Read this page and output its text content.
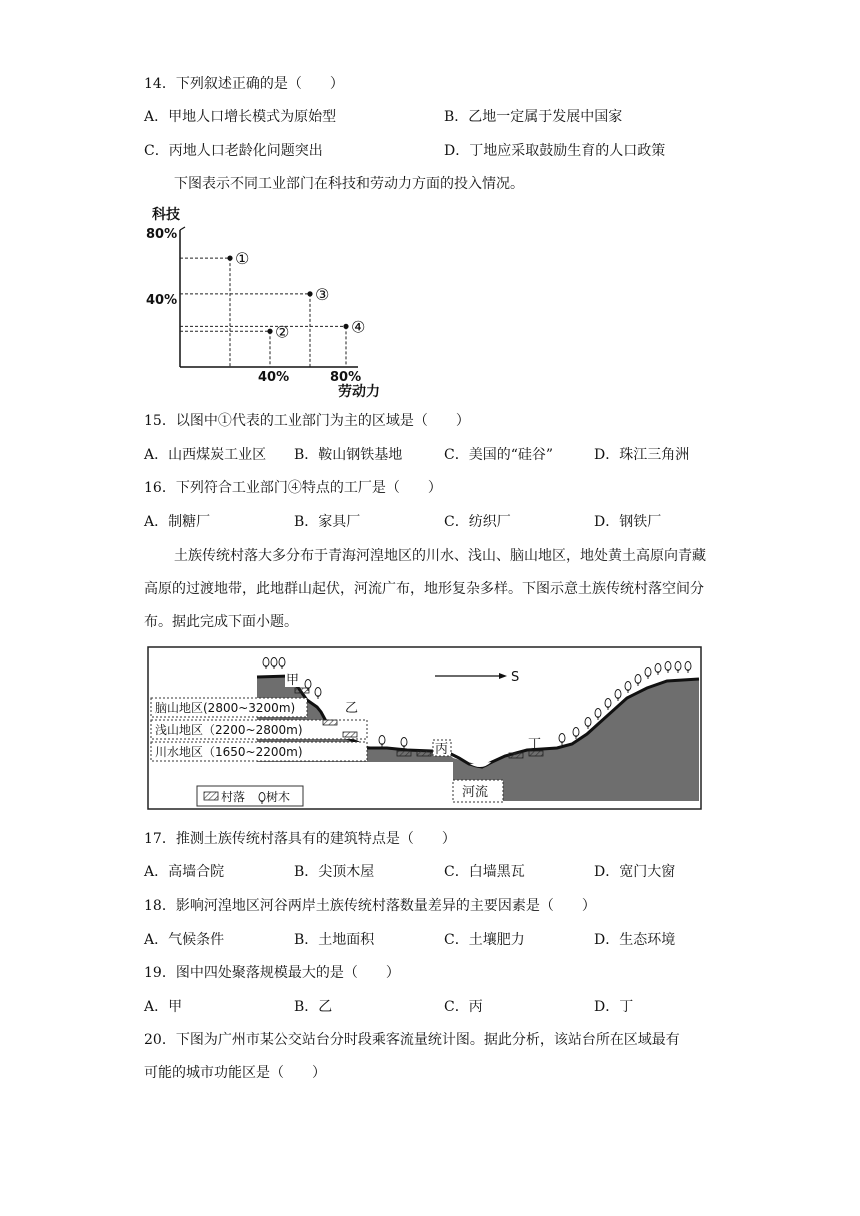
14．下列叙述正确的是（　　）
A．甲地人口增长模式为原始型	B．乙地一定属于发展中国家
C．丙地人口老龄化问题突出	D．丁地应采取鼓励生育的人口政策
下图表示不同工业部门在科技和劳动力方面的投入情况。
科技
80%
40%
40%	80%
劳动力
①
②
③
④
15．以图中①代表的工业部门为主的区域是（　　）
A．山西煤炭工业区 B．鞍山钢铁基地	C．美国的“硅谷”	D．珠江三角洲
16．下列符合工业部门④特点的工厂是（　　）
A．制糖厂	B．家具厂	C．纺织厂	D．钢铁厂
土族传统村落大多分布于青海河湟地区的川水、浅山、脑山地区，地处黄土高原向青藏高原的过渡地带，此地群山起伏，河流广布，地形复杂多样。下图示意土族传统村落空间分布。据此完成下面小题。
脑山地区(2800~3200m)
浅山地区（2200~2800m)
川水地区（1650~2200m)
甲
丙
乙
丁
S
河流
村落 树木
17．推测土族传统村落具有的建筑特点是（　　）
A．高墙合院	B．尖顶木屋	C．白墙黑瓦	D．宽门大窗
18．影响河湟地区河谷两岸土族传统村落数量差异的主要因素是（　　）
A．气候条件	B．土地面积	C．土壤肥力	D．生态环境
19．图中四处聚落规模最大的是（　　）
A．甲	B．乙	C．丙	D．丁
20．下图为广州市某公交站台分时段乘客流量统计图。据此分析，该站台所在区域最有
可能的城市功能区是（　　）
